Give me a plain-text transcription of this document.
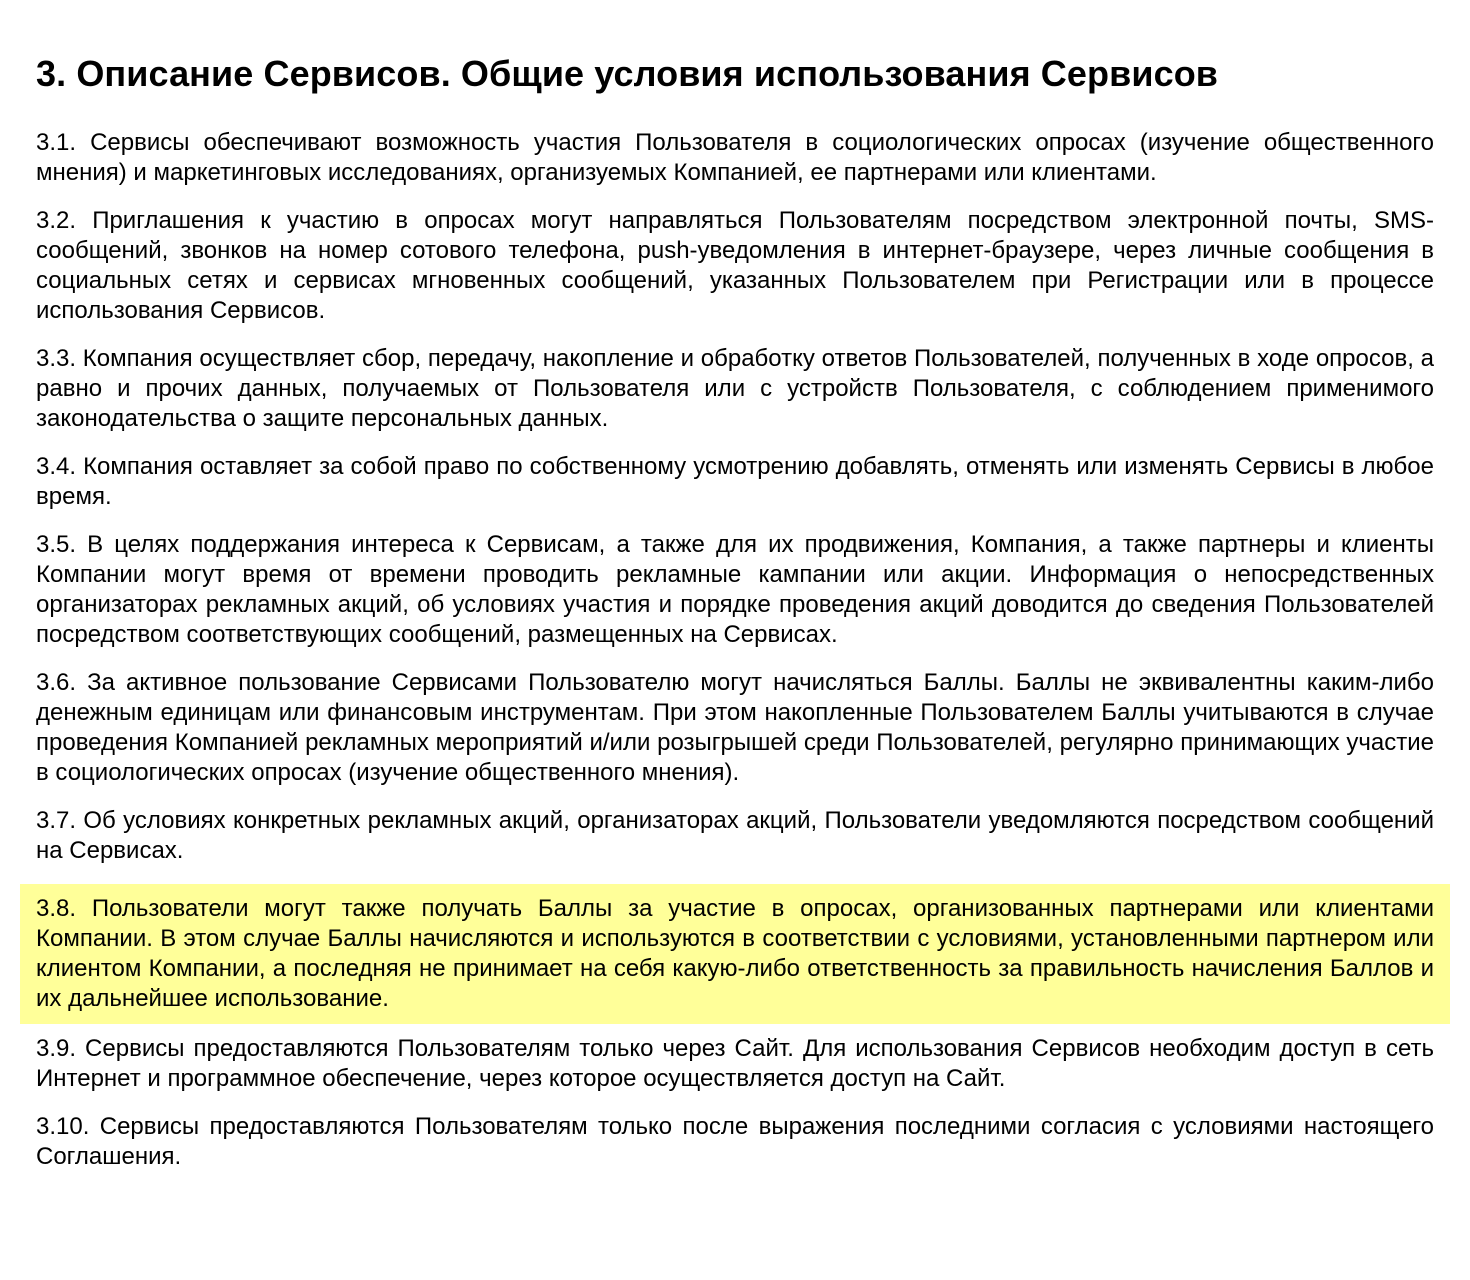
3. Описание Сервисов. Общие условия использования Сервисов

3.1. Сервисы обеспечивают возможность участия Пользователя в социологических опросах (изучение общественного мнения) и маркетинговых исследованиях, организуемых Компанией, ее партнерами или клиентами.

3.2. Приглашения к участию в опросах могут направляться Пользователям посредством электронной почты, SMS-сообщений, звонков на номер сотового телефона, push-уведомления в интернет-браузере, через личные сообщения в социальных сетях и сервисах мгновенных сообщений, указанных Пользователем при Регистрации или в процессе использования Сервисов.

3.3. Компания осуществляет сбор, передачу, накопление и обработку ответов Пользователей, полученных в ходе опросов, а равно и прочих данных, получаемых от Пользователя или с устройств Пользователя, с соблюдением применимого законодательства о защите персональных данных.

3.4. Компания оставляет за собой право по собственному усмотрению добавлять, отменять или изменять Сервисы в любое время.

3.5. В целях поддержания интереса к Сервисам, а также для их продвижения, Компания, а также партнеры и клиенты Компании могут время от времени проводить рекламные кампании или акции. Информация о непосредственных организаторах рекламных акций, об условиях участия и порядке проведения акций доводится до сведения Пользователей посредством соответствующих сообщений, размещенных на Сервисах.

3.6. За активное пользование Сервисами Пользователю могут начисляться Баллы. Баллы не эквивалентны каким-либо денежным единицам или финансовым инструментам. При этом накопленные Пользователем Баллы учитываются в случае проведения Компанией рекламных мероприятий и/или розыгрышей среди Пользователей, регулярно принимающих участие в социологических опросах (изучение общественного мнения).

3.7. Об условиях конкретных рекламных акций, организаторах акций, Пользователи уведомляются посредством сообщений на Сервисах.

3.8. Пользователи могут также получать Баллы за участие в опросах, организованных партнерами или клиентами Компании. В этом случае Баллы начисляются и используются в соответствии с условиями, установленными партнером или клиентом Компании, а последняя не принимает на себя какую-либо ответственность за правильность начисления Баллов и их дальнейшее использование.

3.9. Сервисы предоставляются Пользователям только через Сайт. Для использования Сервисов необходим доступ в сеть Интернет и программное обеспечение, через которое осуществляется доступ на Сайт.

3.10. Сервисы предоставляются Пользователям только после выражения последними согласия с условиями настоящего Соглашения.
